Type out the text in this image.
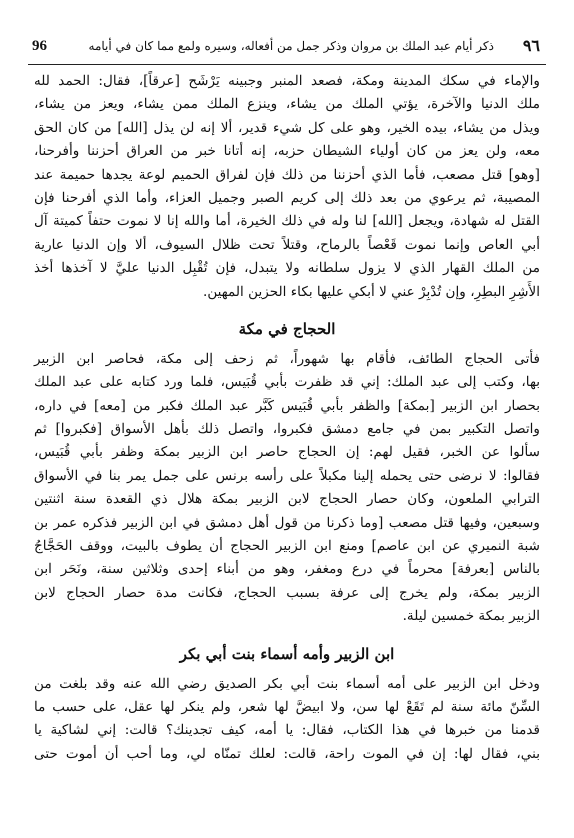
96	ذكر أيام عبد الملك بن مروان وذكر جمل من أفعاله، وسيره ولمع مما كان في أيامه ٩٦
والإماء في سكك المدينة ومكة، فصعد المنبر وجبينه يَرْشَح [عرقاً]، فقال: الحمد لله
ملك الدنيا والآخرة، يؤتي الملك من يشاء، وينزع الملك ممن يشاء، ويعز من يشاء،
ويذل من يشاء، بيده الخير، وهو على كل شيء قدير، ألا إنه لن يذل [الله] من كان الحق
معه، ولن يعز من كان أولياء الشيطان حزبه، إنه أتانا خبر من العراق أحزننا وأفرحنا،
[وهو] قتل مصعب، فأما الذي أحزننا من ذلك فإن لفراق الحميم لوعة يجدها حميمة عند
المصيبة، ثم يرعوي من بعد ذلك إلى كريم الصبر وجميل العزاء، وأما الذي أفرحنا فإن
القتل له شهادة، ويجعل [الله] لنا وله في ذلك الخيرة، أما والله إنا لا نموت حتفاً كميتة آل
أبي العاص وإنما نموت قَعْصاً بالرماح، وقتلاً تحت ظلال السيوف، ألا وإن الدنيا عارية
من الملك القهار الذي لا يزول سلطانه ولا يتبدل، فإن تُقْبِل الدنيا عليَّ لا آخذها أخذ
الأَشِرِ البطِرِ، وإن تُدْبِرْ عني لا أبكي عليها بكاء الحزين المهين.
الحجاج في مكة
فأتى الحجاج الطائف، فأقام بها شهوراً، ثم زحف إلى مكة، فحاصر ابن الزبير
بها، وكتب إلى عبد الملك: إني قد ظفرت بأبي قُبَيس، فلما ورد كتابه على عبد الملك
بحصار ابن الزبير [بمكة] والظفر بأبي قُبَيس كَبَّر عبد الملك فكبر من [معه] في داره،
واتصل التكبير بمن في جامع دمشق فكبروا، واتصل ذلك بأهل الأسواق [فكبروا] ثم
سألوا عن الخبر، فقيل لهم: إن الحجاج حاصر ابن الزبير بمكة وظفر بأبي قُبَيس،
فقالوا: لا نرضى حتى يحمله إلينا مكبلاً على رأسه برنس على جمل يمر بنا في الأسواق
الترابي الملعون، وكان حصار الحجاج لابن الزبير بمكة هلال ذي القعدة سنة اثنتين
وسبعين، وفيها قتل مصعب [وما ذكرنا من قول أهل دمشق في ابن الزبير فذكره عمر بن
شبة النميري عن ابن عاصم] ومنع ابن الزبير الحجاج أن يطوف بالبيت، ووقف الحَجَّاجُ
بالناس [بعرفة] محرماً في درع ومغفر، وهو من أبناء إحدى وثلاثين سنة، ونَحَر ابن
الزبير بمكة، ولم يخرج إلى عرفة بسبب الحجاج، فكانت مدة حصار الحجاج لابن
الزبير بمكة خمسين ليلة.
ابن الزبير وأمه أسماء بنت أبي بكر
ودخل ابن الزبير على أمه أسماء بنت أبي بكر الصديق رضي الله عنه وقد بلغت من
السِّنّ مائة سنة لم تَقَعْ لها سن، ولا ابيضَّ لها شعر، ولم ينكر لها عقل، على حسب ما
قدمنا من خبرها في هذا الكتاب، فقال: يا أمه، كيف تجدينك؟ قالت: إني لشاكية يا
بني، فقال لها: إن في الموت راحة، قالت: لعلك تمنّاه لي، وما أحب أن أموت حتى
